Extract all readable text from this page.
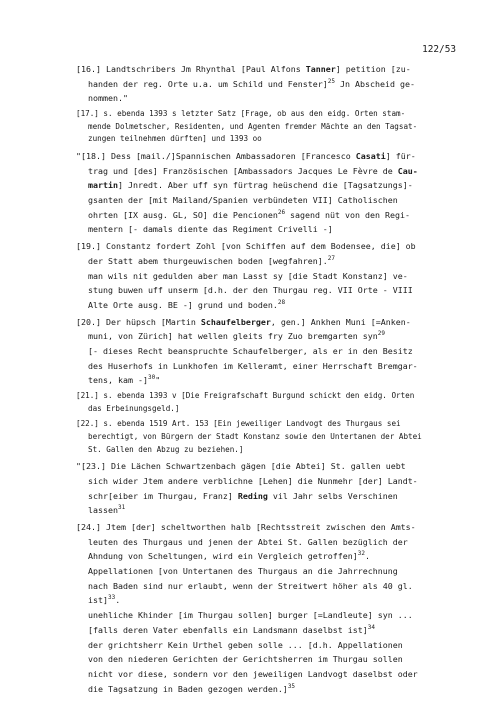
122/53
[16.] Landtschribers Jm Rhynthal [Paul Alfons Tanner] petition [zu-
handen der reg. Orte u.a. um Schild und Fenster]$^{25}$ Jn Abscheid ge-
nommen."
[17.] s. ebenda 1393 s letzter Satz [Frage, ob aus den eidg. Orten stam-
mende Dolmetscher, Residenten, und Agenten fremder Mächte an den Tagsat-
zungen teilnehmen dürften] und 1393 oo
"[18.] Dess [mail./]Spannischen Ambassadoren [Francesco Casati] für-
trag und [des] Französischen [Ambassadors Jacques Le Fèvre de Cau-
martin] Jnredt. Aber uff syn fürtrag heüschend die [Tagsatzungs]-
gsanten der [mit Mailand/Spanien verbündeten VII] Catholischen
ohrten [IX ausg. GL, SO] die Pencionen$^{26}$ sagend nüt von den Regi-
mentern [- damals diente das Regiment Crivelli -]
[19.] Constantz fordert Zohl [von Schiffen auf dem Bodensee, die] ob
der Statt abem thurgeuwischen boden [wegfahren].$^{27}$
man wils nit gedulden aber man Lasst sy [die Stadt Konstanz] ve-
stung buwen uff unserm [d.h. der den Thurgau reg. VII Orte - VIII
Alte Orte ausg. BE -] grund und boden.$^{28}$
[20.] Der hüpsch [Martin Schaufelberger, gen.] Ankhen Muni [=Anken-
muni, von Zürich] hat wellen gleits fry Zuo bremgarten syn$^{29}$
[- dieses Recht beanspruchte Schaufelberger, als er in den Besitz
des Huserhofs in Lunkhofen im Kelleramt, einer Herrschaft Bremgar-
tens, kam -]$^{30}$"
[21.] s. ebenda 1393 v [Die Freigrafschaft Burgund schickt den eidg. Orten
das Erbeinungsgeld.]
[22.] s. ebenda 1519 Art. 153 [Ein jeweiliger Landvogt des Thurgaus sei
berechtigt, von Bürgern der Stadt Konstanz sowie den Untertanen der Abtei
St. Gallen den Abzug zu beziehen.]
"[23.] Die Lächen Schwartzenbach gägen [die Abtei] St. gallen uebt
sich wider Jtem andere verblichne [Lehen] die Nunmehr [der] Landt-
schr[eiber im Thurgau, Franz] Reding vil Jahr selbs Verschinen
lassen$^{31}$
[24.] Jtem [der] scheltworthen halb [Rechtsstreit zwischen den Amts-
leuten des Thurgaus und jenen der Abtei St. Gallen bezüglich der
Ahndung von Scheltungen, wird ein Vergleich getroffen]$^{32}$.
Appellationen [von Untertanen des Thurgaus an die Jahrrechnung
nach Baden sind nur erlaubt, wenn der Streitwert höher als 40 gl.
ist]$^{33}$.
unehliche Khinder [im Thurgau sollen] burger [=Landleute] syn ...
[falls deren Vater ebenfalls ein Landsmann daselbst ist]$^{34}$
der grichtsherr Kein Urthel geben solle ... [d.h. Appellationen
von den niederen Gerichten der Gerichtsherren im Thurgau sollen
nicht vor diese, sondern vor den jeweiligen Landvogt daselbst oder
die Tagsatzung in Baden gezogen werden.]$^{35}$
